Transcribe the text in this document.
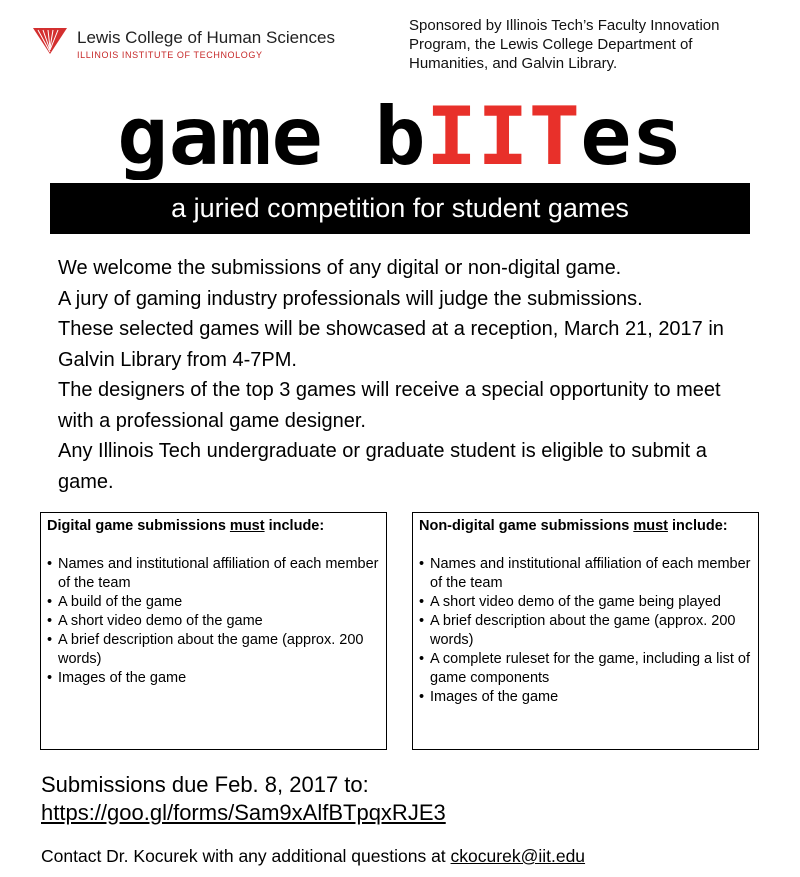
Lewis College of Human Sciences
ILLINOIS INSTITUTE OF TECHNOLOGY
Sponsored by Illinois Tech’s Faculty Innovation
Program, the Lewis College Department of
Humanities, and Galvin Library.
game b IIT es
a juried competition for student games

We welcome the submissions of any digital or non-digital game.

A jury of gaming industry professionals will judge the submissions.

These selected games will be showcased at a reception, March 21, 2017 in Galvin Library from 4-7PM.

The designers of the top 3 games will receive a special opportunity to meet with a professional game designer.

Any Illinois Tech undergraduate or graduate student is eligible to submit a game.

Digital game submissions must include:
• Names and institutional affiliation of each member of the team
• A build of the game
• A short video demo of the game
• A brief description about the game (approx. 200 words)
• Images of the game
Non-digital game submissions must include:
• Names and institutional affiliation of each member of the team
• A short video demo of the game being played
• A brief description about the game (approx. 200 words)
• A complete ruleset for the game, including a list of game components
• Images of the game
Submissions due Feb. 8, 2017 to:
https://goo.gl/forms/Sam9xAlfBTpqxRJE3
Contact Dr. Kocurek with any additional questions at ckocurek@iit.edu
